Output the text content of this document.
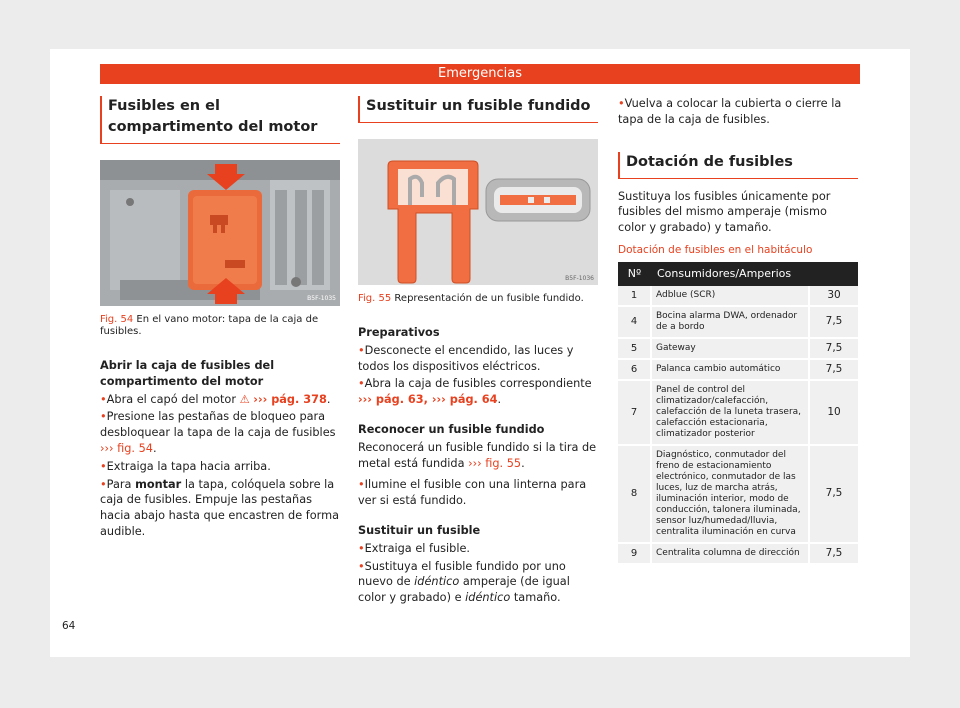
Emergencias
Fusibles en el compartimento del motor
B5F-1035
Fig. 54 En el vano motor: tapa de la caja de fusibles.

Abrir la caja de fusibles del compartimento del motor

• Abra el capó del motor ⚠ ››› pág. 378.

• Presione las pestañas de bloqueo para desbloquear la tapa de la caja de fusibles ››› fig. 54.

• Extraiga la tapa hacia arriba.

• Para montar la tapa, colóquela sobre la caja de fusibles. Empuje las pestañas hacia abajo hasta que encastren de forma audible.

Sustituir un fusible fundido
B5F-1036
Fig. 55 Representación de un fusible fundido.

Preparativos

• Desconecte el encendido, las luces y todos los dispositivos eléctricos.

• Abra la caja de fusibles correspondiente
››› pág. 63, ››› pág. 64.

Reconocer un fusible fundido

Reconocerá un fusible fundido si la tira de metal está fundida ››› fig. 55.

• Ilumine el fusible con una linterna para ver si está fundido.

Sustituir un fusible

• Extraiga el fusible.

• Sustituya el fusible fundido por uno nuevo de idéntico amperaje (de igual color y grabado) e idéntico tamaño.

• Vuelva a colocar la cubierta o cierre la tapa de la caja de fusibles.

Dotación de fusibles

Sustituya los fusibles únicamente por fusibles del mismo amperaje (mismo color y grabado) y tamaño.

Dotación de fusibles en el habitáculo
Nº	Consumidores/Amperios	
1	Adblue (SCR)	30
4	Bocina alarma DWA, ordenador de a bordo	7,5
5	Gateway	7,5
6	Palanca cambio automático	7,5
7	Panel de control del climatizador/calefacción, calefacción de la luneta trasera, calefacción estacionaria, climatizador posterior	10
8	Diagnóstico, conmutador del freno de estacionamiento electrónico, conmutador de las luces, luz de marcha atrás, iluminación interior, modo de conducción, talonera iluminada, sensor luz/humedad/lluvia, centralita iluminación en curva	7,5
9	Centralita columna de dirección	7,5
64
